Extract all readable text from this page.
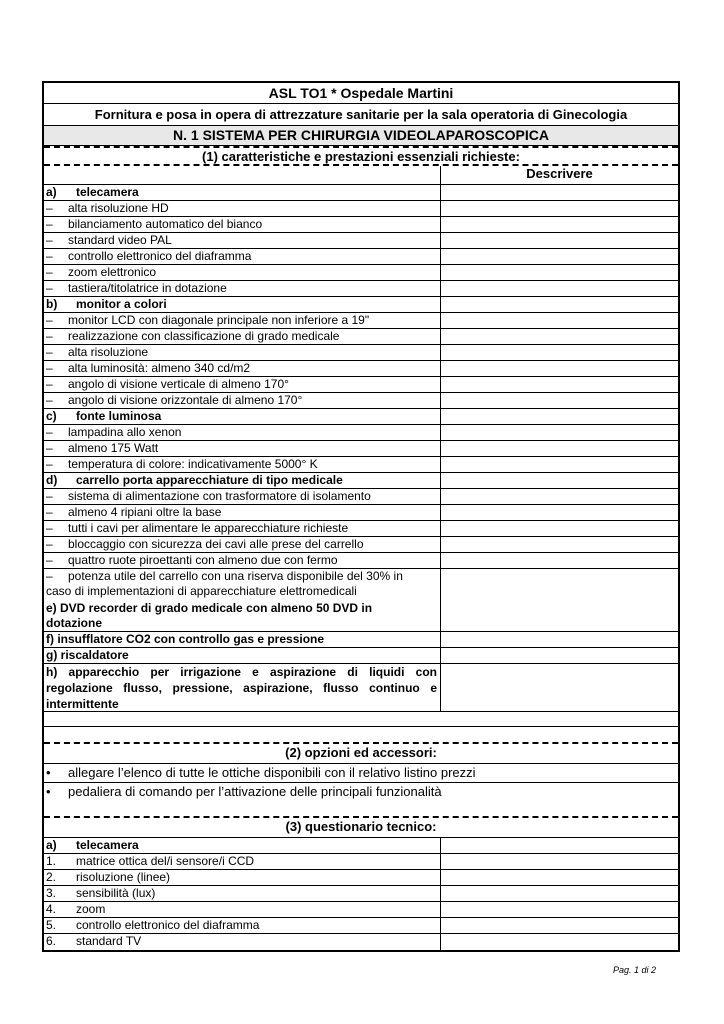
ASL TO1 * Ospedale Martini
Fornitura e posa in opera di attrezzature sanitarie per la sala operatoria di Ginecologia
N. 1 SISTEMA PER CHIRURGIA VIDEOLAPAROSCOPICA
(1) caratteristiche e prestazioni essenziali richieste:
Descrivere
a)	telecamera
–	alta risoluzione HD
–	bilanciamento automatico del bianco
–	standard video PAL
–	controllo elettronico del diaframma
–	zoom elettronico
–	tastiera/titolatrice in dotazione
b)	monitor a colori
–	monitor LCD con diagonale principale non inferiore a 19"
–	realizzazione con classificazione di grado medicale
–	alta risoluzione
–	alta luminosità: almeno 340 cd/m2
–	angolo di visione verticale di almeno 170°
–	angolo di visione orizzontale di almeno 170°
c)	fonte luminosa
–	lampadina allo xenon
–	almeno 175 Watt
–	temperatura di colore: indicativamente 5000° K
d)	carrello porta apparecchiature di tipo medicale
–	sistema di alimentazione con trasformatore di isolamento
–	almeno 4 ripiani oltre la base
–	tutti i cavi per alimentare le apparecchiature richieste
–	bloccaggio con sicurezza dei cavi alle prese del carrello
–	quattro ruote piroettanti con almeno due con fermo
–	potenza utile del carrello con una riserva disponibile del 30% in
caso di implementazioni di apparecchiature elettromedicali
e) DVD recorder di grado medicale con almeno 50 DVD in
dotazione
f) insufflatore CO2 con controllo gas e pressione
g) riscaldatore
h) apparecchio per irrigazione e aspirazione di liquidi con regolazione flusso, pressione, aspirazione, flusso continuo e intermittente
(2) opzioni ed accessori:
•	allegare l’elenco di tutte le ottiche disponibili con il relativo listino prezzi
•	pedaliera di comando per l’attivazione delle principali funzionalità
(3) questionario tecnico:
a)	telecamera
1.	matrice ottica del/i sensore/i CCD
2.	risoluzione (linee)
3.	sensibilità (lux)
4.	zoom
5.	controllo elettronico del diaframma
6.	standard TV
Pag. 1 di 2
